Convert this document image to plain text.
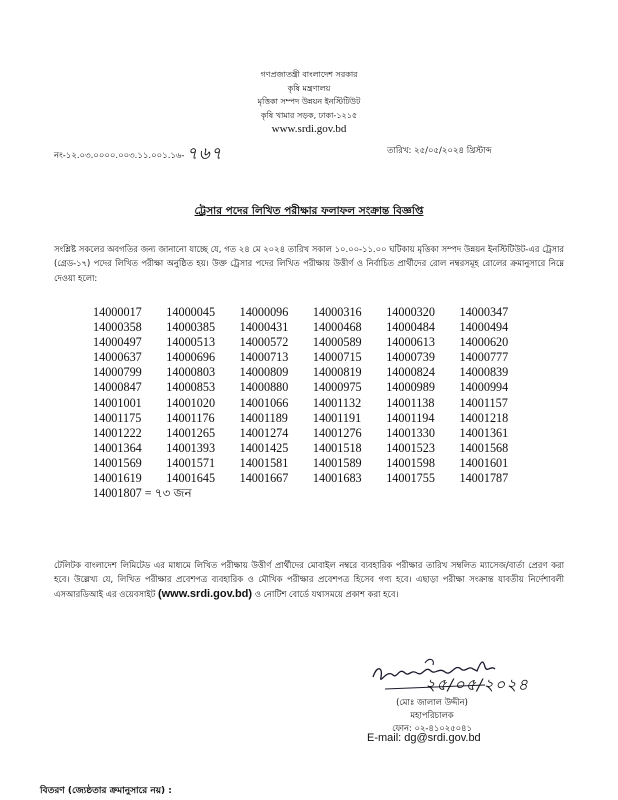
গণপ্রজাতন্ত্রী বাংলাদেশ সরকার
কৃষি মন্ত্রণালয়
মৃত্তিকা সম্পদ উন্নয়ন ইনস্টিটিউট
কৃষি খামার সড়ক, ঢাকা-১২১৫
www.srdi.gov.bd
নং-১২.০৩.০০০০.০০৩.১১.০০১.১৬- ৭৬৭	তারিখ: ২৫/০৫/২০২৪ খ্রিস্টাব্দ
ট্রেসার পদের লিখিত পরীক্ষার ফলাফল সংক্রান্ত বিজ্ঞপ্তি
সংশ্লিষ্ট সকলের অবগতির জন্য জানানো যাচ্ছে যে, গত ২৪ মে ২০২৪ তারিখ সকাল ১০.০০-১১.০০ ঘটিকায় মৃত্তিকা সম্পদ উন্নয়ন ইনস্টিটিউট-এর ট্রেসার (গ্রেড-১৭) পদের লিখিত পরীক্ষা অনুষ্ঠিত হয়। উক্ত ট্রেসার পদের লিখিত পরীক্ষায় উত্তীর্ণ ও নির্বাচিত প্রার্থীদের রোল নম্বরসমূহ রোলের ক্রমানুসারে নিম্নে দেওয়া হলো:
14000017	14000045	14000096	14000316	14000320	14000347
14000358	14000385	14000431	14000468	14000484	14000494
14000497	14000513	14000572	14000589	14000613	14000620
14000637	14000696	14000713	14000715	14000739	14000777
14000799	14000803	14000809	14000819	14000824	14000839
14000847	14000853	14000880	14000975	14000989	14000994
14001001	14001020	14001066	14001132	14001138	14001157
14001175	14001176	14001189	14001191	14001194	14001218
14001222	14001265	14001274	14001276	14001330	14001361
14001364	14001393	14001425	14001518	14001523	14001568
14001569	14001571	14001581	14001589	14001598	14001601
14001619	14001645	14001667	14001683	14001755	14001787
14001807 = ৭৩ জন
টেলিটক বাংলাদেশ লিমিটেড এর মাধ্যমে লিখিত পরীক্ষায় উত্তীর্ণ প্রার্থীদের মোবাইল নম্বরে ব্যবহারিক পরীক্ষার তারিখ সম্বলিত ম্যাসেজ/বার্তা প্রেরণ করা হবে। উল্লেখ্য যে, লিখিত পরীক্ষার প্রবেশপত্র ব্যবহারিক ও মৌখিক পরীক্ষার প্রবেশপত্র হিসেব গণ্য হবে। এছাড়া পরীক্ষা সংক্রান্ত যাবতীয় নির্দেশাবলী এসআরডিআই এর ওয়েবসাইট (www.srdi.gov.bd) ও নোটিশ বোর্ডে যথাসময়ে প্রকাশ করা হবে।
২৫/০৫/২০২৪
(মোঃ জালাল উদ্দীন)
মহাপরিচালক
ফোন: ০২-৪১০২৫০৪১
E-mail: dg@srdi.gov.bd
বিতরণ (জ্যেষ্ঠতার ক্রমানুসারে নয়) :
